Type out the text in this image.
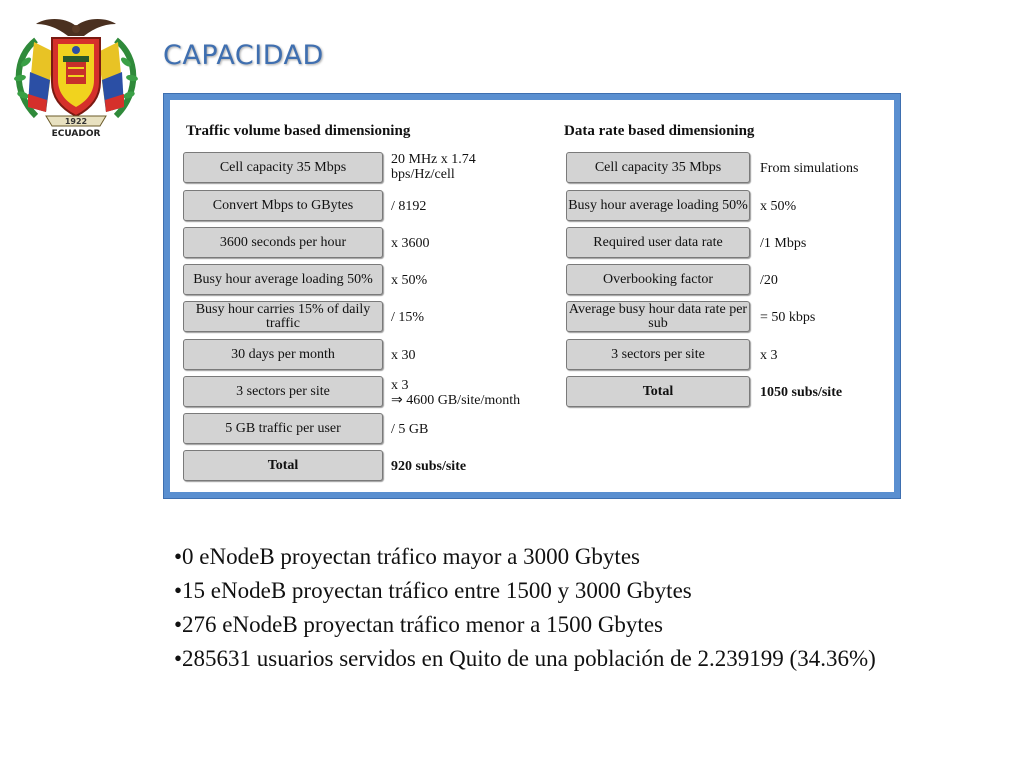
1922
ECUADOR
CAPACIDAD
Traffic volume based dimensioning	Data rate based dimensioning
Cell capacity 35 Mbps
Convert Mbps to GBytes
3600 seconds per hour
Busy hour average loading 50%
Busy hour carries 15% of daily traffic
30 days per month
3 sectors per site
5 GB traffic per user
Total
20 MHz x 1.74
bps/Hz/cell
/ 8192
x 3600
x 50%
/ 15%
x 30
x 3
⇒ 4600 GB/site/month
/ 5 GB
920 subs/site
Cell capacity 35 Mbps
Busy hour average loading 50%
Required user data rate
Overbooking factor
Average busy hour data rate per sub
3 sectors per site
Total
From simulations
x 50%
/1 Mbps
/20
= 50 kbps
x 3
1050 subs/site

•0 eNodeB proyectan tráfico mayor a 3000 Gbytes

•15 eNodeB proyectan tráfico entre 1500 y 3000 Gbytes

•276 eNodeB proyectan tráfico menor a 1500 Gbytes

•285631 usuarios servidos en Quito de una población de 2.239199 (34.36%)
